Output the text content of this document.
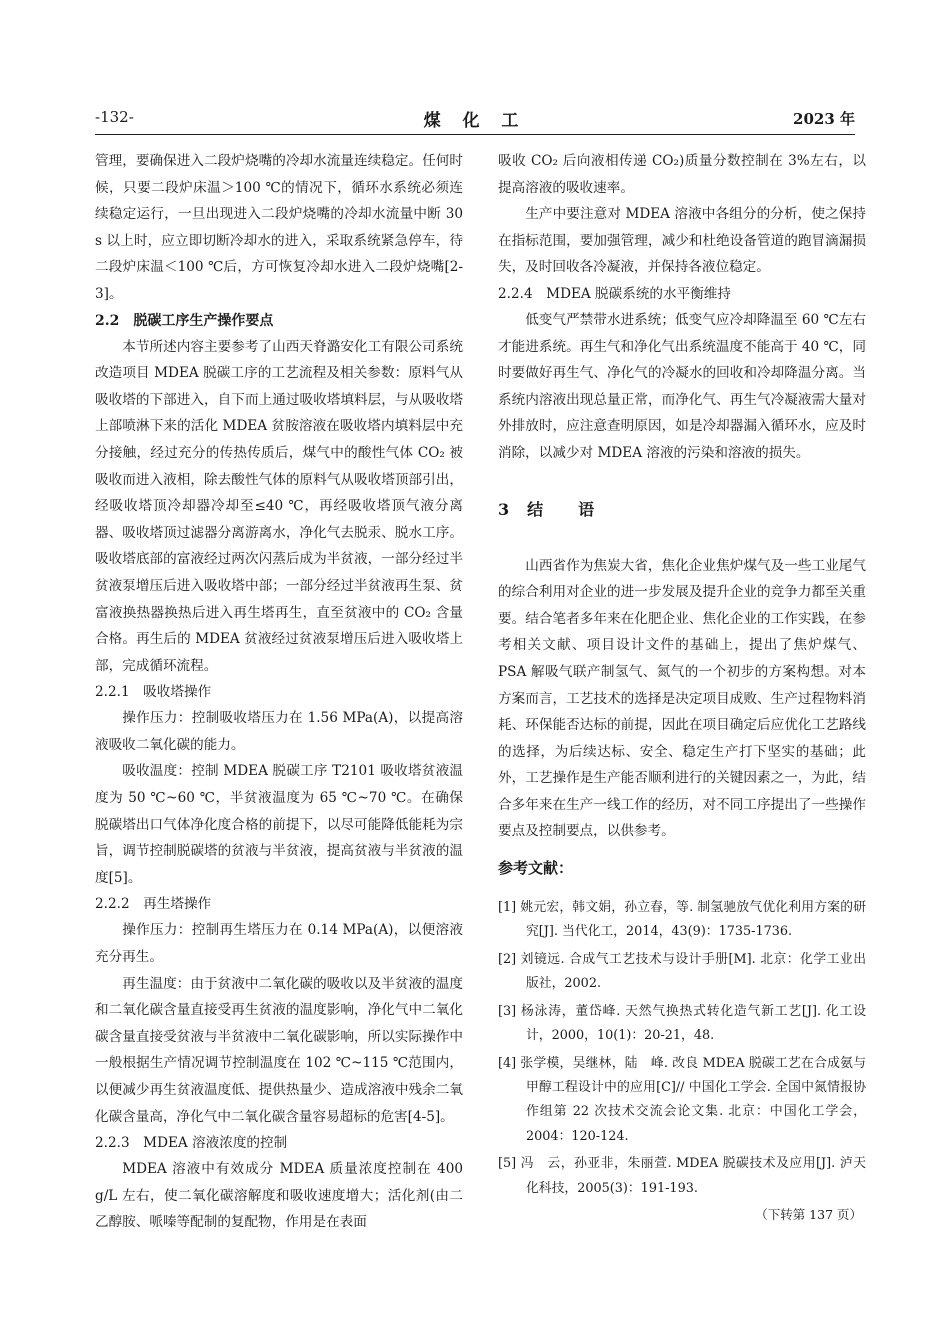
-132-	煤 化 工	2023 年

管理，要确保进入二段炉烧嘴的冷却水流量连续稳定。任何时候，只要二段炉床温＞100 ℃的情况下，循环水系统必须连续稳定运行，一旦出现进入二段炉烧嘴的冷却水流量中断 30 s 以上时，应立即切断冷却水的进入，采取系统紧急停车，待二段炉床温＜100 ℃后，方可恢复冷却水进入二段炉烧嘴[2-3]。

2.2　脱碳工序生产操作要点

本节所述内容主要参考了山西天脊潞安化工有限公司系统改造项目 MDEA 脱碳工序的工艺流程及相关参数：原料气从吸收塔的下部进入，自下而上通过吸收塔填料层，与从吸收塔上部喷淋下来的活化 MDEA 贫胺溶液在吸收塔内填料层中充分接触，经过充分的传热传质后，煤气中的酸性气体 CO₂ 被吸收而进入液相，除去酸性气体的原料气从吸收塔顶部引出，经吸收塔顶冷却器冷却至≤40 ℃，再经吸收塔顶气液分离器、吸收塔顶过滤器分离游离水，净化气去脱汞、脱水工序。吸收塔底部的富液经过两次闪蒸后成为半贫液，一部分经过半贫液泵增压后进入吸收塔中部；一部分经过半贫液再生泵、贫富液换热器换热后进入再生塔再生，直至贫液中的 CO₂ 含量合格。再生后的 MDEA 贫液经过贫液泵增压后进入吸收塔上部，完成循环流程。

2.2.1　吸收塔操作

操作压力：控制吸收塔压力在 1.56 MPa(A)，以提高溶液吸收二氧化碳的能力。

吸收温度：控制 MDEA 脱碳工序 T2101 吸收塔贫液温度为 50 ℃~60 ℃，半贫液温度为 65 ℃~70 ℃。在确保脱碳塔出口气体净化度合格的前提下，以尽可能降低能耗为宗旨，调节控制脱碳塔的贫液与半贫液，提高贫液与半贫液的温度[5]。

2.2.2　再生塔操作

操作压力：控制再生塔压力在 0.14 MPa(A)，以便溶液充分再生。

再生温度：由于贫液中二氧化碳的吸收以及半贫液的温度和二氧化碳含量直接受再生贫液的温度影响，净化气中二氧化碳含量直接受贫液与半贫液中二氧化碳影响，所以实际操作中一般根据生产情况调节控制温度在 102 ℃~115 ℃范围内，以便减少再生贫液温度低、提供热量少、造成溶液中残余二氧化碳含量高，净化气中二氧化碳含量容易超标的危害[4-5]。

2.2.3　MDEA 溶液浓度的控制

MDEA 溶液中有效成分 MDEA 质量浓度控制在 400 g/L 左右，使二氧化碳溶解度和吸收速度增大；活化剂(由二乙醇胺、哌嗪等配制的复配物，作用是在表面

吸收 CO₂ 后向液相传递 CO₂)质量分数控制在 3%左右，以提高溶液的吸收速率。

生产中要注意对 MDEA 溶液中各组分的分析，使之保持在指标范围，要加强管理，减少和杜绝设备管道的跑冒滴漏损失，及时回收各冷凝液，并保持各液位稳定。

2.2.4　MDEA 脱碳系统的水平衡维持

低变气严禁带水进系统；低变气应冷却降温至 60 ℃左右才能进系统。再生气和净化气出系统温度不能高于 40 ℃，同时要做好再生气、净化气的冷凝水的回收和冷却降温分离。当系统内溶液出现总量正常，而净化气、再生气冷凝液需大量对外排放时，应注意查明原因，如是冷却器漏入循环水，应及时消除，以减少对 MDEA 溶液的污染和溶液的损失。

3　结　　语

山西省作为焦炭大省，焦化企业焦炉煤气及一些工业尾气的综合利用对企业的进一步发展及提升企业的竞争力都至关重要。结合笔者多年来在化肥企业、焦化企业的工作实践，在参考相关文献、项目设计文件的基础上，提出了焦炉煤气、PSA 解吸气联产制氢气、氮气的一个初步的方案构想。对本方案而言，工艺技术的选择是决定项目成败、生产过程物料消耗、环保能否达标的前提，因此在项目确定后应优化工艺路线的选择，为后续达标、安全、稳定生产打下坚实的基础；此外，工艺操作是生产能否顺利进行的关键因素之一，为此，结合多年来在生产一线工作的经历，对不同工序提出了一些操作要点及控制要点，以供参考。

参考文献：

[1] 姚元宏，韩文娟，孙立春，等. 制氢驰放气优化利用方案的研究[J]. 当代化工，2014，43(9)：1735-1736.

[2] 刘镜远. 合成气工艺技术与设计手册[M]. 北京：化学工业出版社，2002.

[3] 杨泳涛，董岱峰. 天然气换热式转化造气新工艺[J]. 化工设计，2000，10(1)：20-21，48.

[4] 张学模，吴继林，陆　峰. 改良 MDEA 脱碳工艺在合成氨与甲醇工程设计中的应用[C]// 中国化工学会. 全国中氮情报协作组第 22 次技术交流会论文集. 北京：中国化工学会，2004：120-124.

[5] 冯　云，孙亚非，朱丽萱. MDEA 脱碳技术及应用[J]. 泸天化科技，2005(3)：191-193.

（下转第 137 页）
